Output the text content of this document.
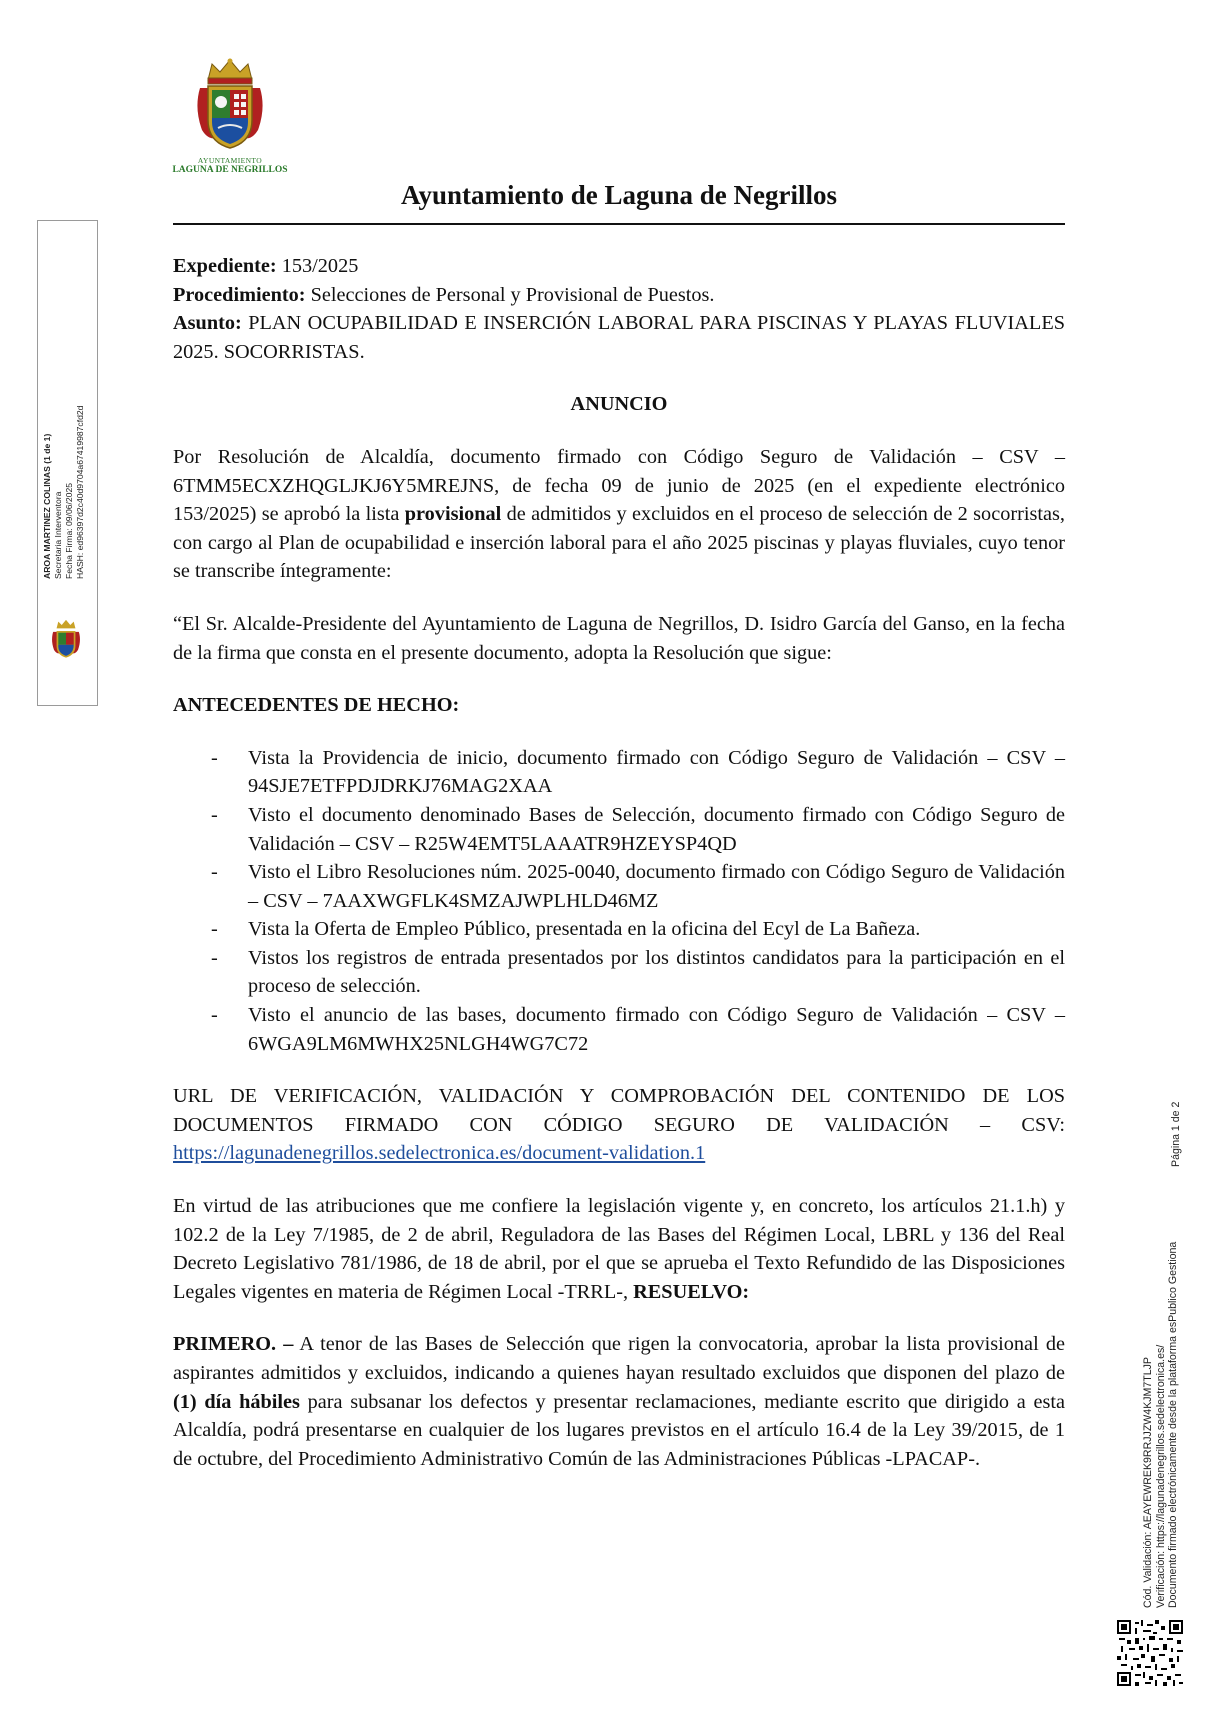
AYUNTAMIENTO
LAGUNA DE NEGRILLOS
Ayuntamiento de Laguna de Negrillos

Expediente: 153/2025

Procedimiento: Selecciones de Personal y Provisional de Puestos.

Asunto: PLAN OCUPABILIDAD E INSERCIÓN LABORAL PARA PISCINAS Y PLAYAS FLUVIALES 2025. SOCORRISTAS.

ANUNCIO

Por Resolución de Alcaldía, documento firmado con Código Seguro de Validación – CSV – 6TMM5ECXZHQGLJKJ6Y5MREJNS, de fecha 09 de junio de 2025 (en el expediente electrónico 153/2025) se aprobó la lista provisional de admitidos y excluidos en el proceso de selección de 2 socorristas, con cargo al Plan de ocupabilidad e inserción laboral para el año 2025 piscinas y playas fluviales, cuyo tenor se transcribe íntegramente:

“El Sr. Alcalde-Presidente del Ayuntamiento de Laguna de Negrillos, D. Isidro García del Ganso, en la fecha de la firma que consta en el presente documento, adopta la Resolución que sigue:

ANTECEDENTES DE HECHO:

- Vista la Providencia de inicio, documento firmado con Código Seguro de Validación – CSV – 94SJE7ETFPDJDRKJ76MAG2XAA
- Visto el documento denominado Bases de Selección, documento firmado con Código Seguro de Validación – CSV – R25W4EMT5LAAATR9HZEYSP4QD
- Visto el Libro Resoluciones núm. 2025-0040, documento firmado con Código Seguro de Validación – CSV – 7AAXWGFLK4SMZAJWPLHLD46MZ
- Vista la Oferta de Empleo Público, presentada en la oficina del Ecyl de La Bañeza.
- Vistos los registros de entrada presentados por los distintos candidatos para la participación en el proceso de selección.
- Visto el anuncio de las bases, documento firmado con Código Seguro de Validación – CSV – 6WGA9LM6MWHX25NLGH4WG7C72

URL DE VERIFICACIÓN, VALIDACIÓN Y COMPROBACIÓN DEL CONTENIDO DE LOS DOCUMENTOS FIRMADO CON CÓDIGO SEGURO DE VALIDACIÓN – CSV: https://lagunadenegrillos.sedelectronica.es/document-validation.1

En virtud de las atribuciones que me confiere la legislación vigente y, en concreto, los artículos 21.1.h) y 102.2 de la Ley 7/1985, de 2 de abril, Reguladora de las Bases del Régimen Local, LBRL y 136 del Real Decreto Legislativo 781/1986, de 18 de abril, por el que se aprueba el Texto Refundido de las Disposiciones Legales vigentes en materia de Régimen Local -TRRL-, RESUELVO:

PRIMERO. – A tenor de las Bases de Selección que rigen la convocatoria, aprobar la lista provisional de aspirantes admitidos y excluidos, indicando a quienes hayan resultado excluidos que disponen del plazo de (1) día hábiles para subsanar los defectos y presentar reclamaciones, mediante escrito que dirigido a esta Alcaldía, podrá presentarse en cualquier de los lugares previstos en el artículo 16.4 de la Ley 39/2015, de 1 de octubre, del Procedimiento Administrativo Común de las Administraciones Públicas -LPACAP-.

AROA MARTINEZ COLINAS (1 de 1) Secretaria Interventora Fecha Firma: 09/06/2025 HASH: ed96397d2c40d9704a67419987cfd2d
Cód. Validación: AEAYEWREK9RRJJZW4KJM7TLJP Verificación: https://lagunadenegrillos.sedelectronica.es/ Documento firmado electrónicamente desde la plataforma esPublico Gestiona
Página 1 de 2
